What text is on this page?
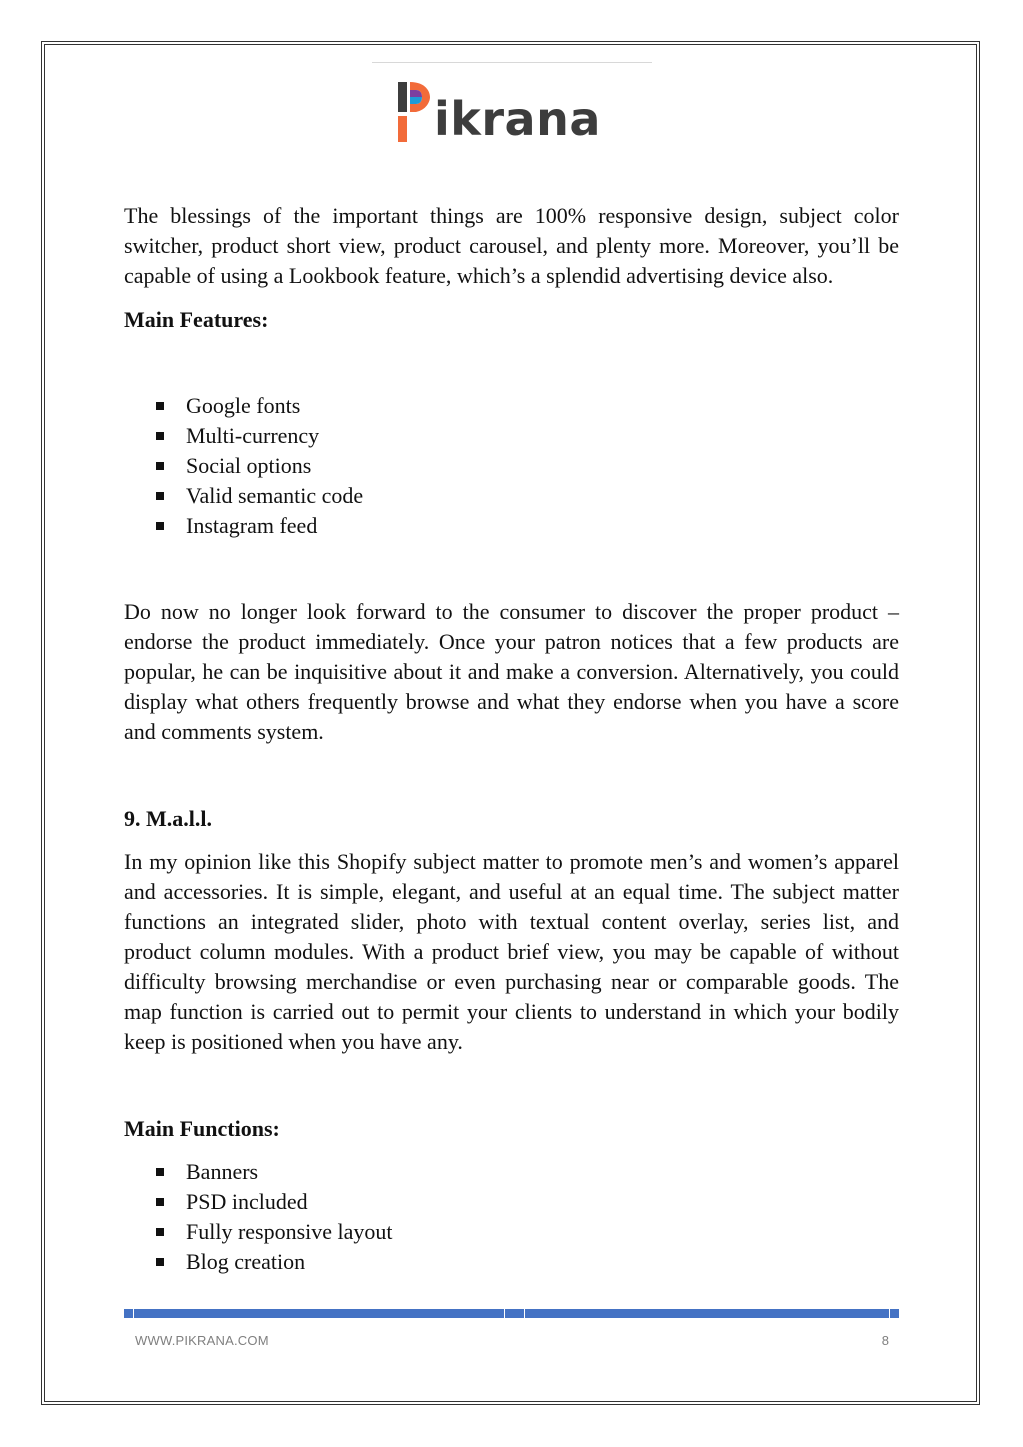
ikrana

The blessings of the important things are 100% responsive design, subject color switcher, product short view, product carousel, and plenty more. Moreover, you’ll be capable of using a Lookbook feature, which’s a splendid advertising device also.

Main Features:

Google fonts
Multi-currency
Social options
Valid semantic code
Instagram feed

Do now no longer look forward to the consumer to discover the proper product – endorse the product immediately. Once your patron notices that a few products are popular, he can be inquisitive about it and make a conversion. Alternatively, you could display what others frequently browse and what they endorse when you have a score and comments system.

9. M.a.l.l.

In my opinion like this Shopify subject matter to promote men’s and women’s apparel and accessories. It is simple, elegant, and useful at an equal time. The subject matter functions an integrated slider, photo with textual content overlay, series list, and product column modules. With a product brief view, you may be capable of without difficulty browsing merchandise or even purchasing near or comparable goods. The map function is carried out to permit your clients to understand in which your bodily keep is positioned when you have any.

Main Functions:

Banners
PSD included
Fully responsive layout
Blog creation
WWW.PIKRANA.COM	8
